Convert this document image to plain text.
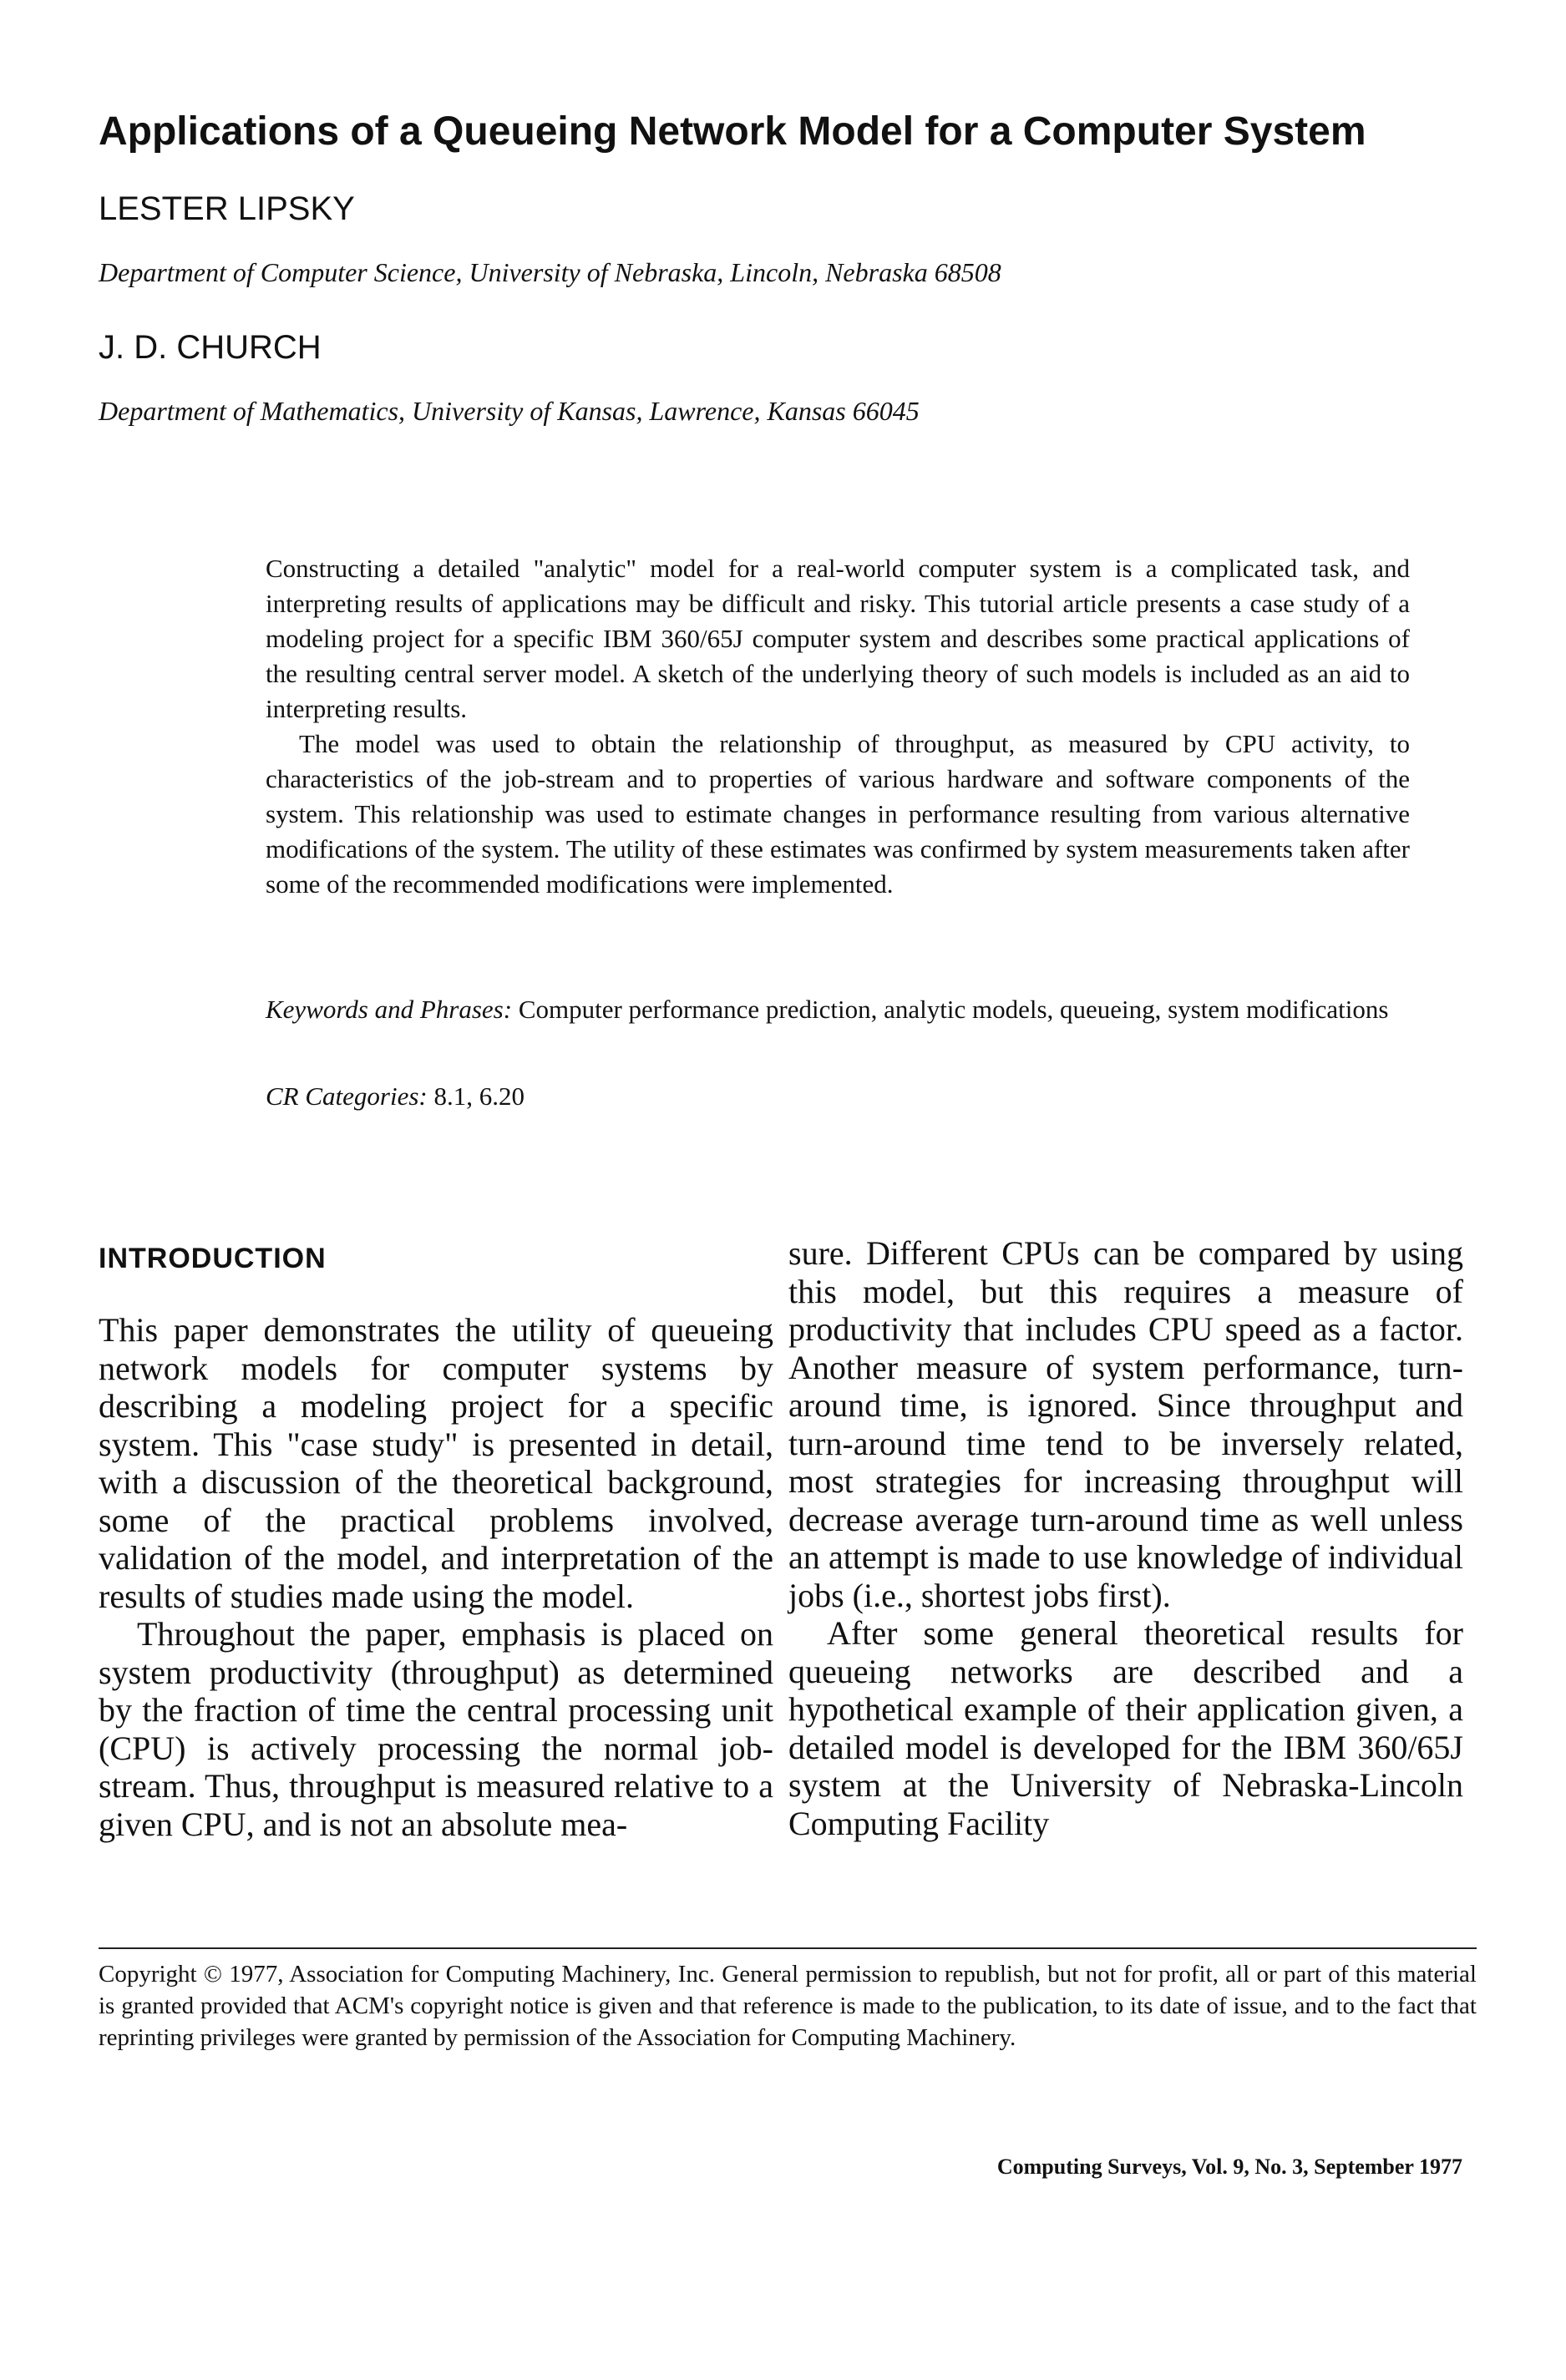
Applications of a Queueing Network Model for a Computer System
LESTER LIPSKY
Department of Computer Science, University of Nebraska, Lincoln, Nebraska 68508
J. D. CHURCH
Department of Mathematics, University of Kansas, Lawrence, Kansas 66045

Constructing a detailed "analytic" model for a real-world computer system is a complicated task, and interpreting results of applications may be difficult and risky. This tutorial article presents a case study of a modeling project for a specific IBM 360/65J computer system and describes some practical applications of the resulting central server model. A sketch of the underlying theory of such models is included as an aid to interpreting results.

The model was used to obtain the relationship of throughput, as measured by CPU activity, to characteristics of the job-stream and to properties of various hardware and software components of the system. This relationship was used to estimate changes in performance resulting from various alternative modifications of the system. The utility of these estimates was confirmed by system measurements taken after some of the recommended modifications were implemented.

Keywords and Phrases: Computer performance prediction, analytic models, queueing, system modifications
CR Categories: 8.1, 6.20
INTRODUCTION

This paper demonstrates the utility of queueing network models for computer systems by describing a modeling project for a specific system. This "case study" is presented in detail, with a discussion of the theoretical background, some of the practical problems involved, validation of the model, and interpretation of the results of studies made using the model.

Throughout the paper, emphasis is placed on system productivity (throughput) as determined by the fraction of time the central processing unit (CPU) is actively processing the normal job-stream. Thus, throughput is measured relative to a given CPU, and is not an absolute mea-

sure. Different CPUs can be compared by using this model, but this requires a measure of productivity that includes CPU speed as a factor. Another measure of system performance, turn-around time, is ignored. Since throughput and turn-around time tend to be inversely related, most strategies for increasing throughput will decrease average turn-around time as well unless an attempt is made to use knowledge of individual jobs (i.e., shortest jobs first).

After some general theoretical results for queueing networks are described and a hypothetical example of their application given, a detailed model is developed for the IBM 360/65J system at the University of Nebraska-Lincoln Computing Facility

Copyright © 1977, Association for Computing Machinery, Inc. General permission to republish, but not for profit, all or part of this material is granted provided that ACM's copyright notice is given and that reference is made to the publication, to its date of issue, and to the fact that reprinting privileges were granted by permission of the Association for Computing Machinery.
Computing Surveys, Vol. 9, No. 3, September 1977
